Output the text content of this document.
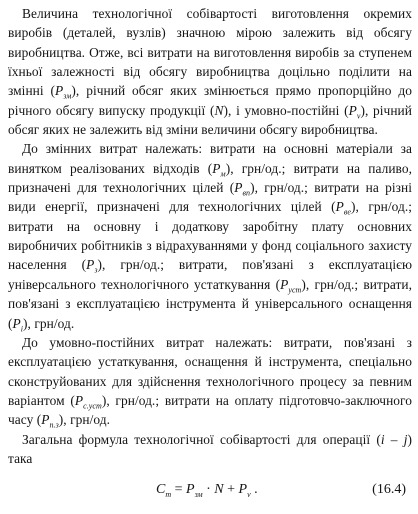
Величина технологічної собівартості виготовлення окремих виробів (деталей, вузлів) значною мірою залежить від обсягу виробництва. Отже, всі витрати на виготовлення виробів за ступенем їхньої залежності від обсягу виробництва доцільно поділити на змінні $(P_{зм})$, річний обсяг яких змінюється прямо пропорційно до річного обсягу випуску продукції (N), і умовно-постійні $(P_v)$, річний обсяг яких не залежить від зміни величини обсягу виробництва.

До змінних витрат належать: витрати на основні матеріали за винятком реалізованих відходів $(P_м)$, грн/од.; витрати на паливо, призначені для технологічних цілей $(P_{вп})$, грн/од.; витрати на різні види енергії, призначені для технологічних цілей $(P_{ве})$, грн/од.; витрати на основну і додаткову заробітну плату основних виробничих робітників з відрахуваннями у фонд соціального захисту населення $(P_з)$, грн/од.; витрати, пов'язані з експлуатацією універсального технологічного устаткування $(P_{уст})$, грн/од.; витрати, пов'язані з експлуатацією інструмента й універсального оснащення $(P_i)$, грн/од.

До умовно-постійних витрат належать: витрати, пов'язані з експлуатацією устаткування, оснащення й інструмента, спеціально сконструйованих для здійснення технологічного процесу за певним варіантом $(P_{с.уст})$, грн/од.; витрати на оплату підготовчо-заключного часу $(P_{п.з})$, грн/од.

Загальна формула технологічної собівартості для операції (i – j) така

$C_т = P_{зм} \cdot N + P_v$ .	(16.4)
